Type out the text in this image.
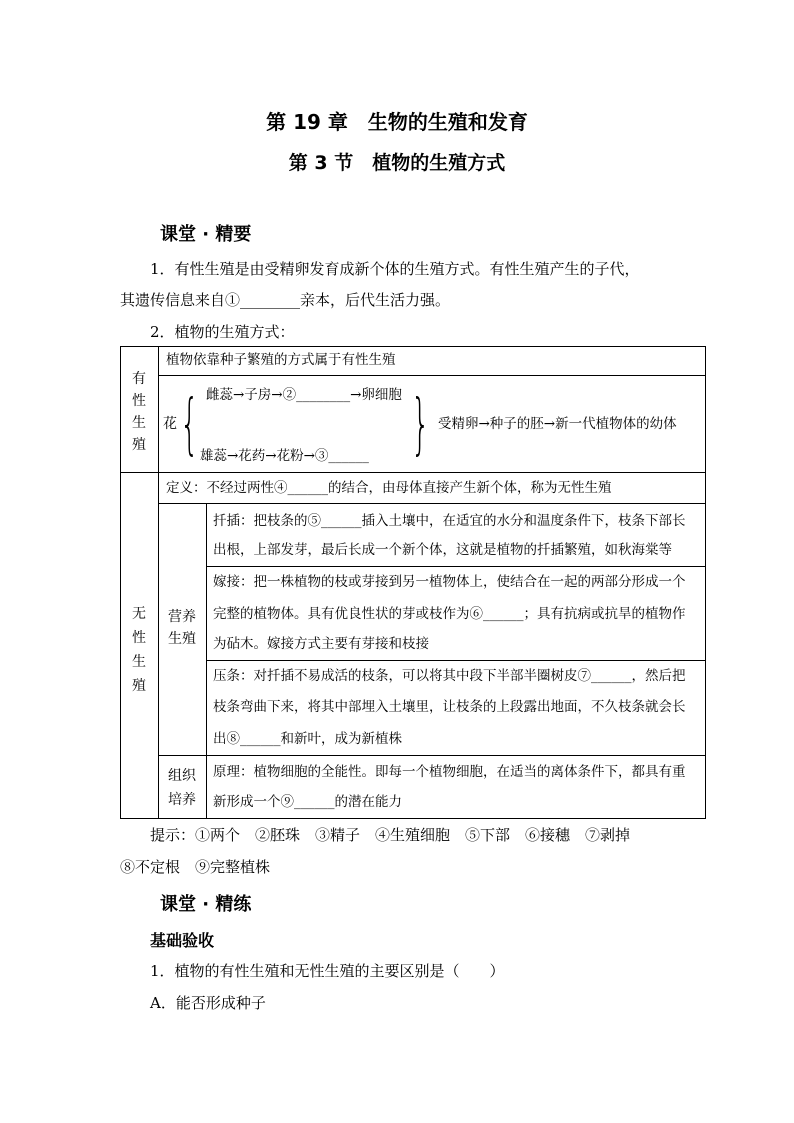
第 19 章　生物的生殖和发育
第 3 节　植物的生殖方式
课堂 · 精要
1．有性生殖是由受精卵发育成新个体的生殖方式。有性生殖产生的子代，
其遗传信息来自①________亲本，后代生活力强。
2．植物的生殖方式：
有性生殖
植物依靠种子繁殖的方式属于有性生殖
花 { 雌蕊→子房→②________→卵细胞
雄蕊→花药→花粉→③______ } 受精卵→种子的胚→新一代植物体的幼体
无性生殖
定义：不经过两性④______的结合，由母体直接产生新个体，称为无性生殖
营养生殖
扦插：把枝条的⑤______插入土壤中，在适宜的水分和温度条件下，枝条下部长
出根，上部发芽，最后长成一个新个体，这就是植物的扦插繁殖，如秋海棠等
嫁接：把一株植物的枝或芽接到另一植物体上，使结合在一起的两部分形成一个
完整的植物体。具有优良性状的芽或枝作为⑥______；具有抗病或抗旱的植物作
为砧木。嫁接方式主要有芽接和枝接
压条：对扦插不易成活的枝条，可以将其中段下半部半圈树皮⑦______，然后把
枝条弯曲下来，将其中部埋入土壤里，让枝条的上段露出地面，不久枝条就会长
出⑧______和新叶，成为新植株
组织培养
原理：植物细胞的全能性。即每一个植物细胞，在适当的离体条件下，都具有重
新形成一个⑨______的潜在能力
提示：①两个　②胚珠　③精子　④生殖细胞　⑤下部　⑥接穗　⑦剥掉
⑧不定根　⑨完整植株
课堂 · 精练
基础验收
1．植物的有性生殖和无性生殖的主要区别是（　　）
A．能否形成种子
